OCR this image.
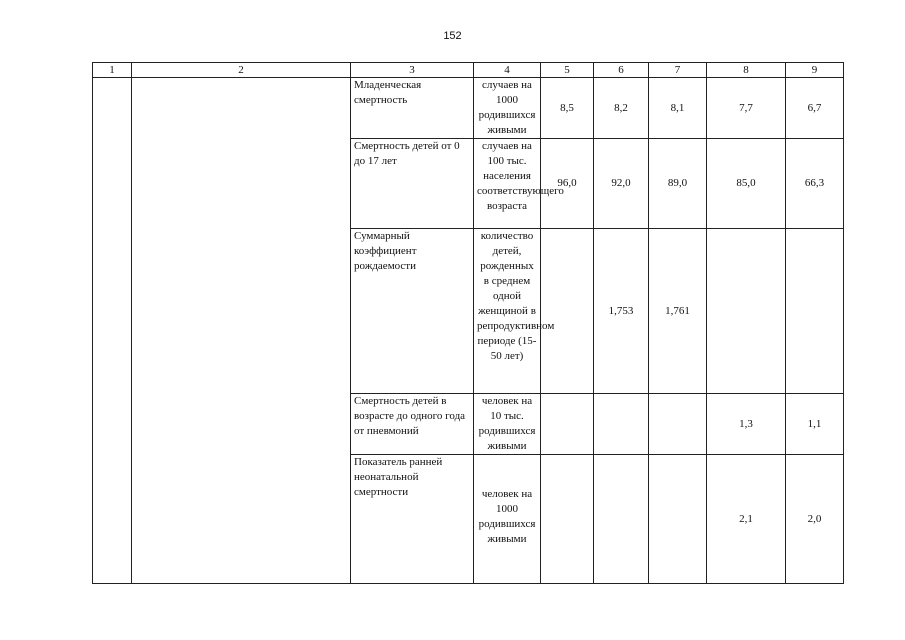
152
1	2	3	4	5	6	7	8	9
		Младенческая смертность	случаев на 1000 родившихся живыми	8,5	8,2	8,1	7,7	6,7
		Смертность детей от 0 до 17 лет	случаев на 100 тыс. населения соответствующего возраста	96,0	92,0	89,0	85,0	66,3
		Суммарный коэффициент рождаемости	количество детей, рожденных в среднем одной женщиной в репродуктивном периоде (15-50 лет)		1,753	1,761		
		Смертность детей в возрасте до одного года от пневмоний	человек на 10 тыс. родившихся живыми				1,3	1,1
		Показатель ранней неонатальной смертности	человек на 1000 родившихся живыми				2,1	2,0
